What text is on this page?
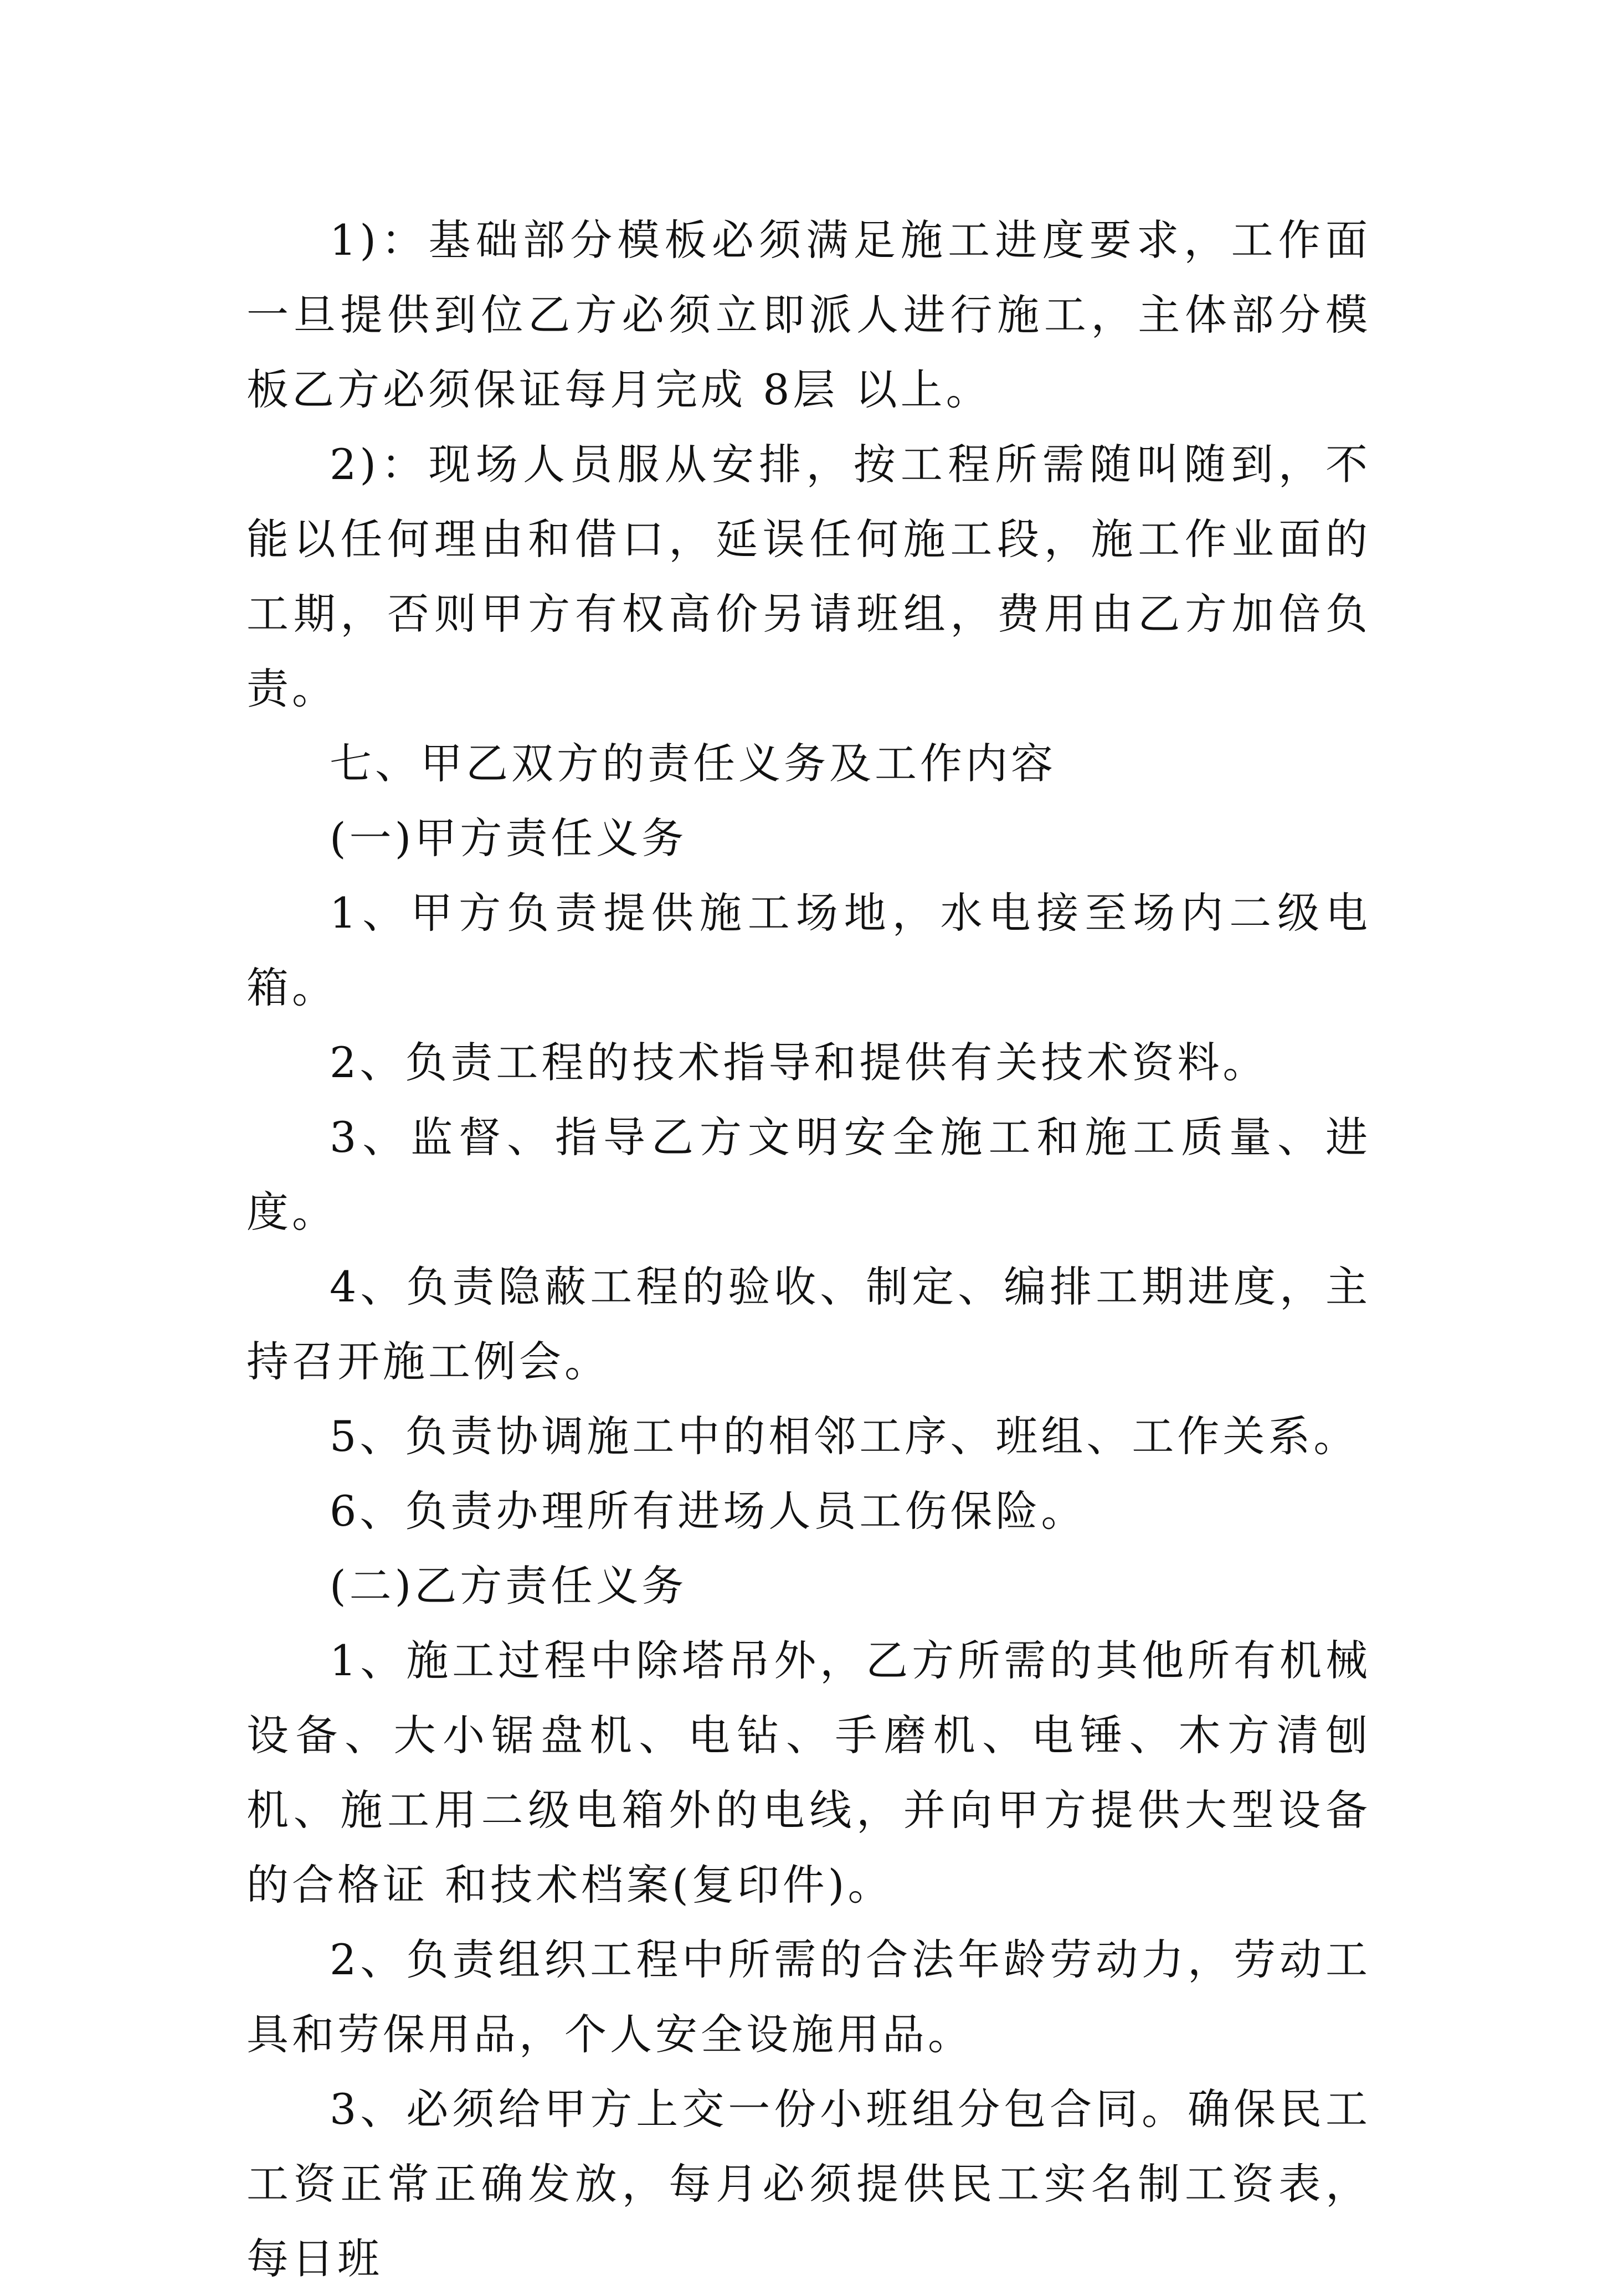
1)：基础部分模板必须满足施工进度要求，工作面一旦提供到位乙方必须立即派人进行施工，主体部分模板乙方必须保证每月完成 8层 以上。

2)：现场人员服从安排，按工程所需随叫随到，不能以任何理由和借口，延误任何施工段，施工作业面的工期，否则甲方有权高价另请班组，费用由乙方加倍负责。

七、甲乙双方的责任义务及工作内容

(一)甲方责任义务

1、甲方负责提供施工场地，水电接至场内二级电箱。

2、负责工程的技术指导和提供有关技术资料。

3、监督、指导乙方文明安全施工和施工质量、进度。

4、负责隐蔽工程的验收、制定、编排工期进度，主持召开施工例会。

5、负责协调施工中的相邻工序、班组、工作关系。

6、负责办理所有进场人员工伤保险。

(二)乙方责任义务

1、施工过程中除塔吊外，乙方所需的其他所有机械设备、大小锯盘机、电钻、手磨机、电锤、木方清刨机、施工用二级电箱外的电线，并向甲方提供大型设备的合格证 和技术档案(复印件)。

2、负责组织工程中所需的合法年龄劳动力，劳动工具和劳保用品，个人安全设施用品。

3、必须给甲方上交一份小班组分包合同。确保民工工资正常正确发放，每月必须提供民工实名制工资表，每日班
